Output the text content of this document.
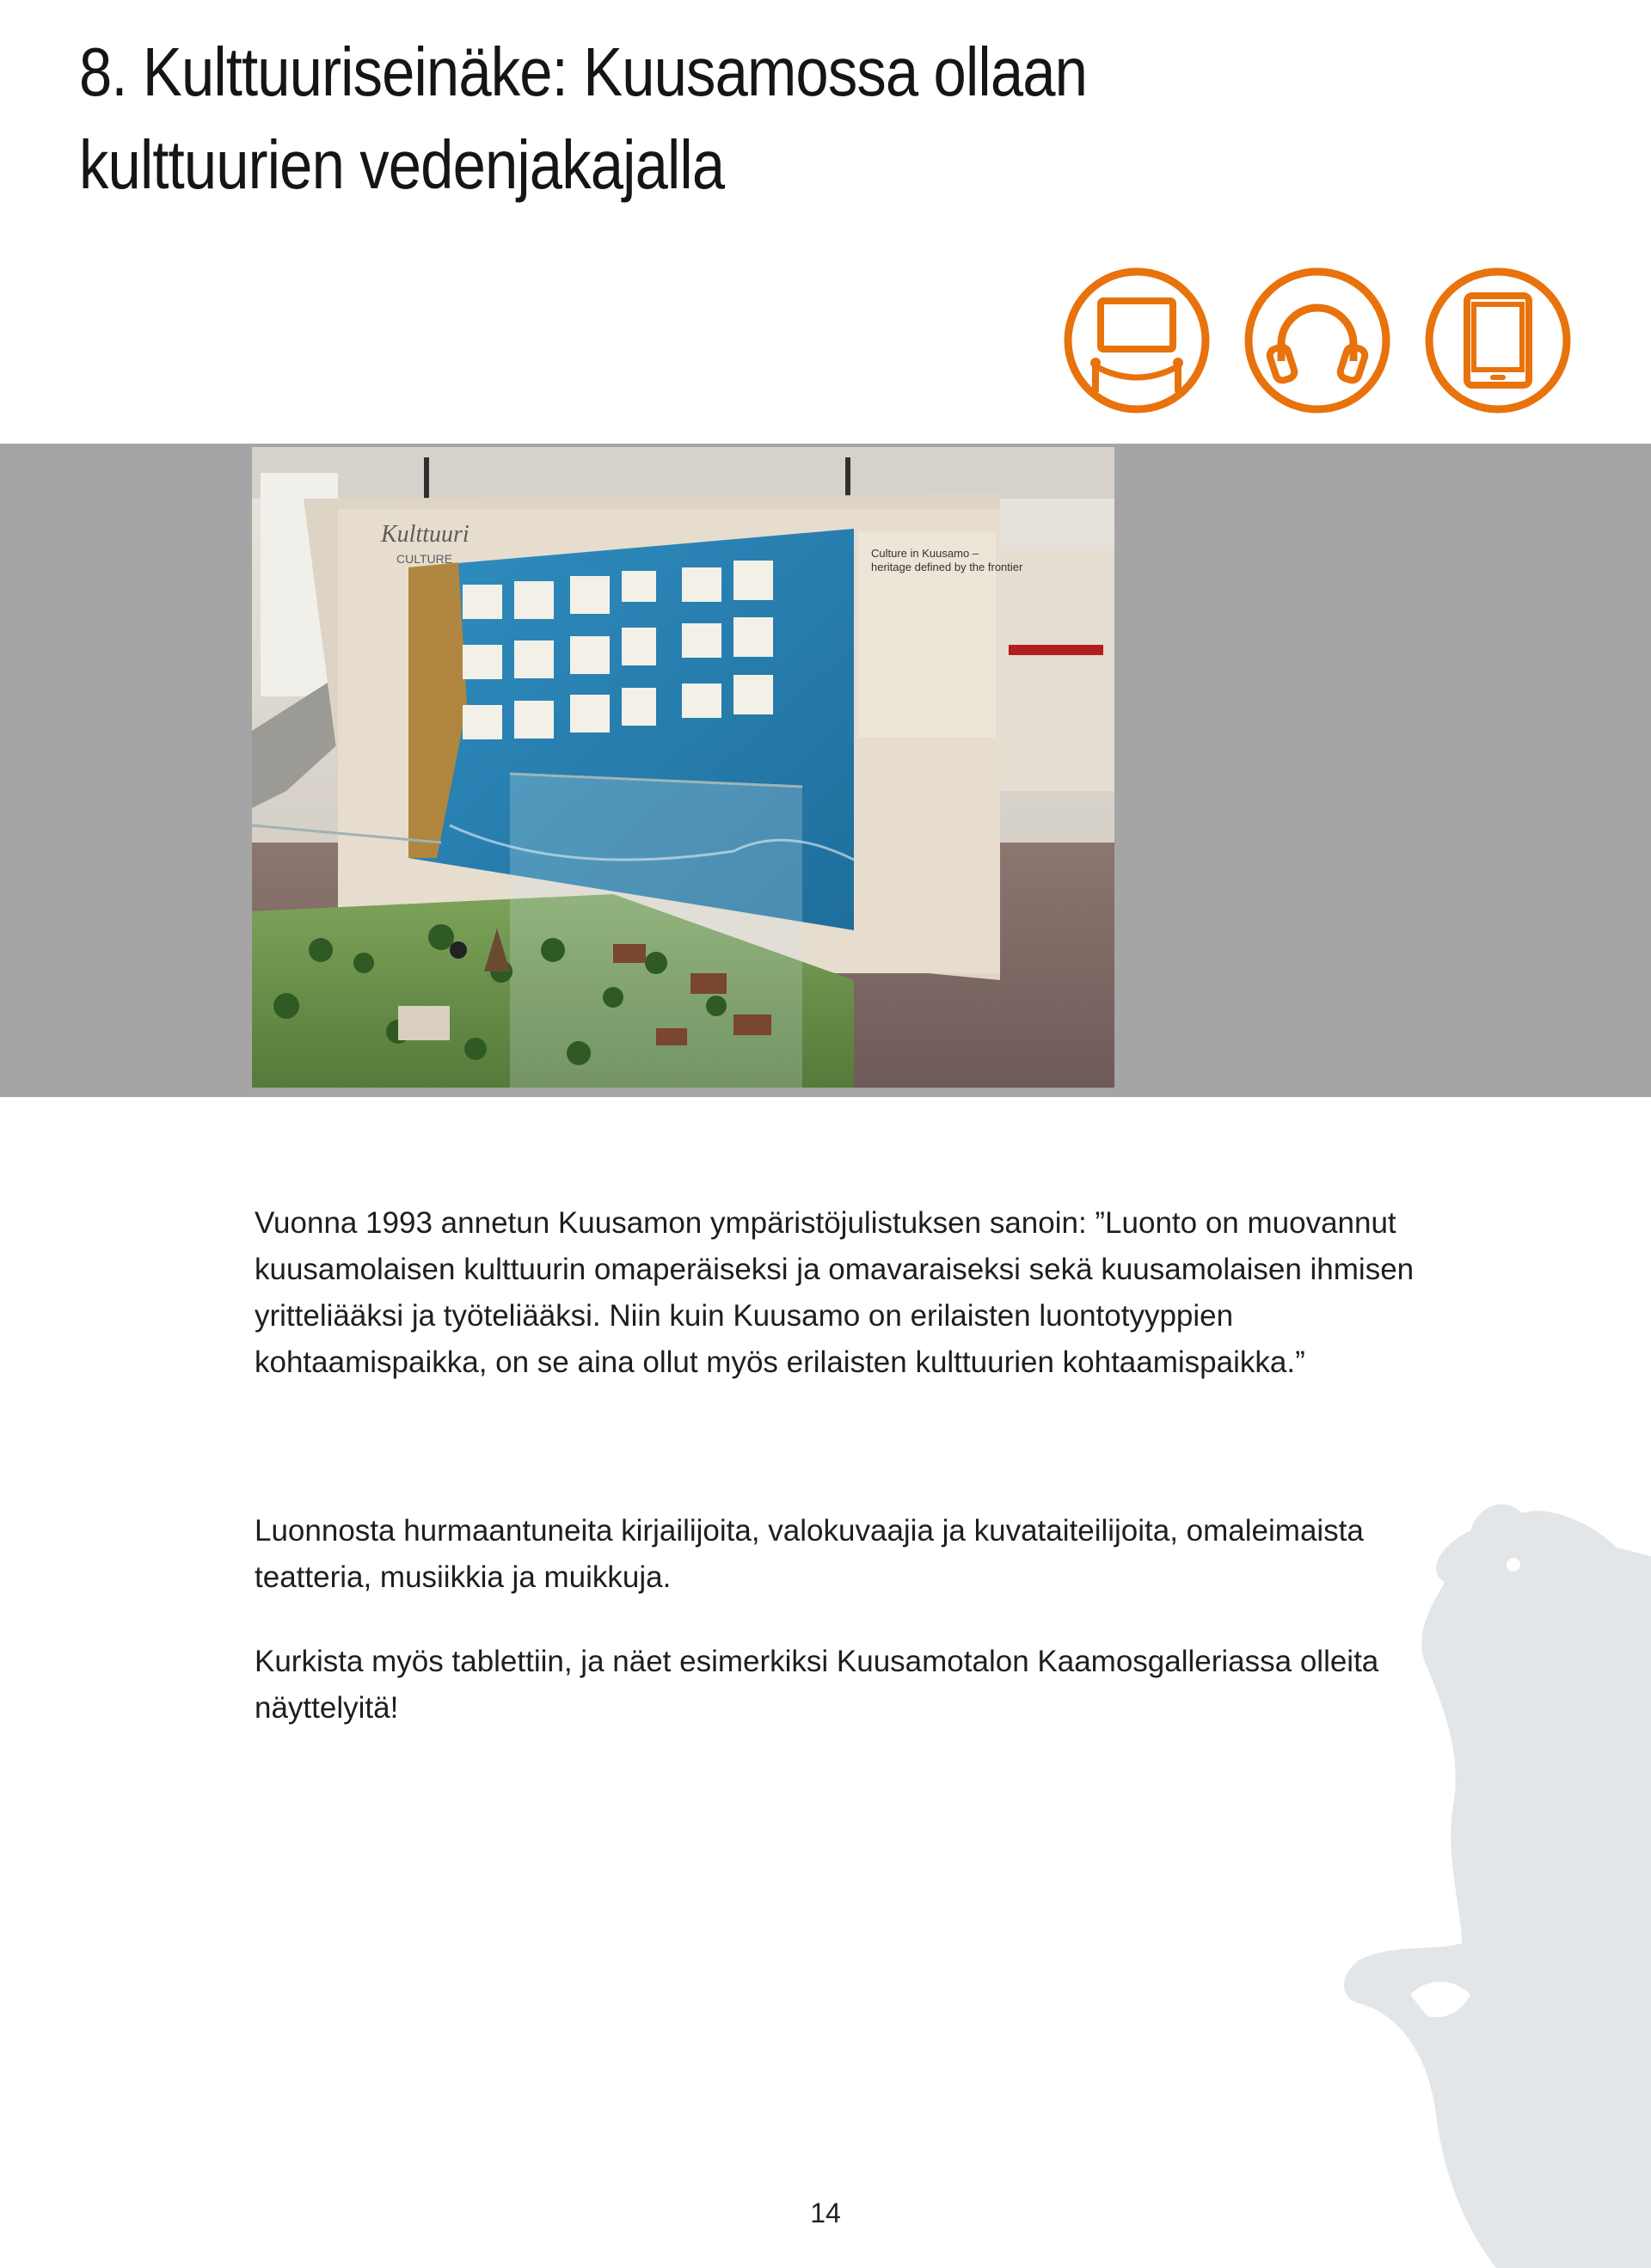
8. Kulttuuriseinäke: Kuusamossa ollaan
kulttuurien vedenjakajalla
Culture in Kuusamo – heritage defined by the frontier
Kulttuuri
CULTURE

Vuonna 1993 annetun Kuusamon ympäristöjulistuksen sanoin: ”Luonto on muovannut kuusamolaisen kulttuurin omaperäiseksi ja omavaraiseksi sekä kuusamolaisen ihmisen yritteliääksi ja työteliääksi. Niin kuin Kuusamo on erilaisten luontotyyppien kohtaamispaikka, on se aina ollut myös erilaisten kulttuurien kohtaamispaikka.”

Luonnosta hurmaantuneita kirjailijoita, valokuvaajia ja kuvataiteilijoita, omaleimaista teatteria, musiikkia ja muikkuja.

Kurkista myös tablettiin, ja näet esimerkiksi Kuusamotalon Kaamosgalleriassa olleita näyttelyitä!

14
